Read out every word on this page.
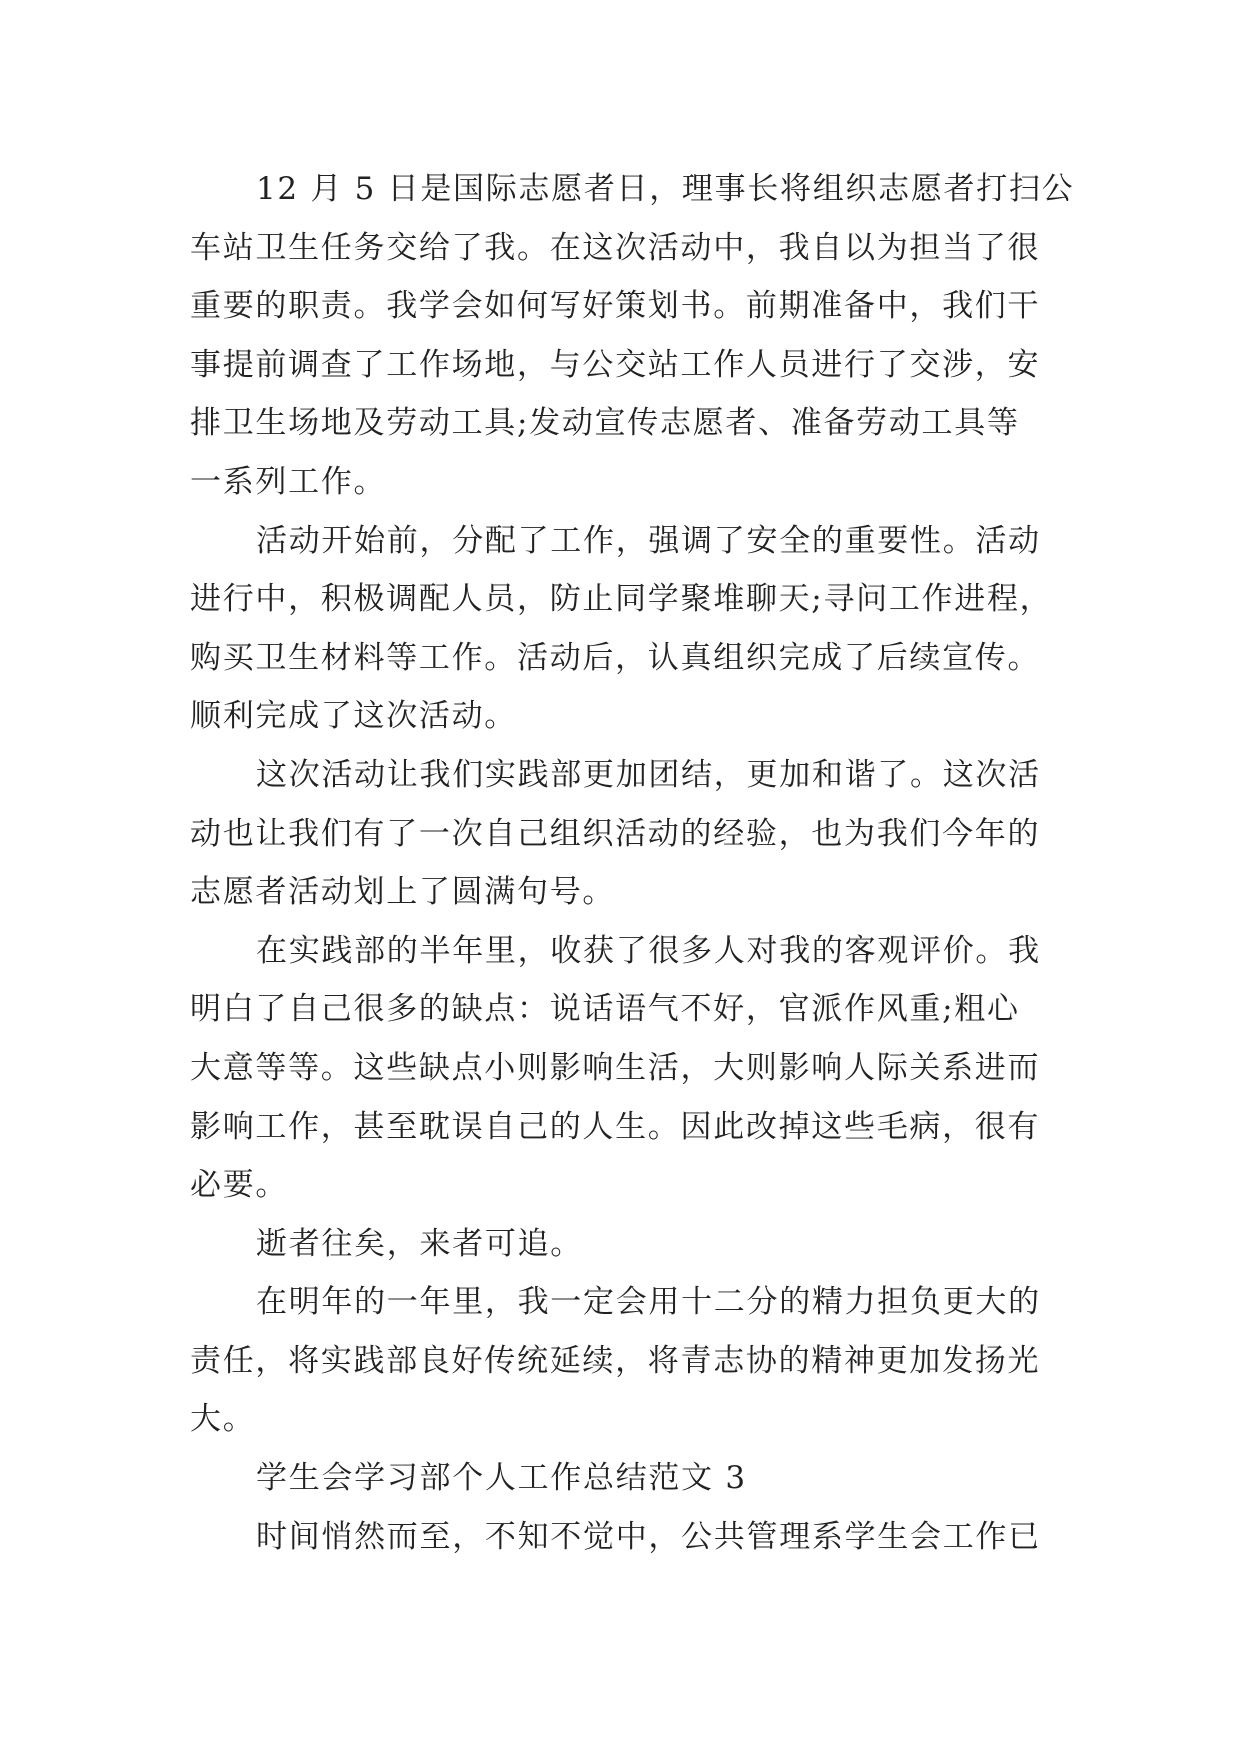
12 月 5 日是国际志愿者日，理事长将组织志愿者打扫公
车站卫生任务交给了我。在这次活动中，我自以为担当了很
重要的职责。我学会如何写好策划书。前期准备中，我们干
事提前调查了工作场地，与公交站工作人员进行了交涉，安
排卫生场地及劳动工具;发动宣传志愿者、准备劳动工具等
一系列工作。
活动开始前，分配了工作，强调了安全的重要性。活动
进行中，积极调配人员，防止同学聚堆聊天;寻问工作进程，
购买卫生材料等工作。活动后，认真组织完成了后续宣传。
顺利完成了这次活动。
这次活动让我们实践部更加团结，更加和谐了。这次活
动也让我们有了一次自己组织活动的经验，也为我们今年的
志愿者活动划上了圆满句号。
在实践部的半年里，收获了很多人对我的客观评价。我
明白了自己很多的缺点：说话语气不好，官派作风重;粗心
大意等等。这些缺点小则影响生活，大则影响人际关系进而
影响工作，甚至耽误自己的人生。因此改掉这些毛病，很有
必要。
逝者往矣，来者可追。
在明年的一年里，我一定会用十二分的精力担负更大的
责任，将实践部良好传统延续，将青志协的精神更加发扬光
大。
学生会学习部个人工作总结范文 3
时间悄然而至，不知不觉中，公共管理系学生会工作已
